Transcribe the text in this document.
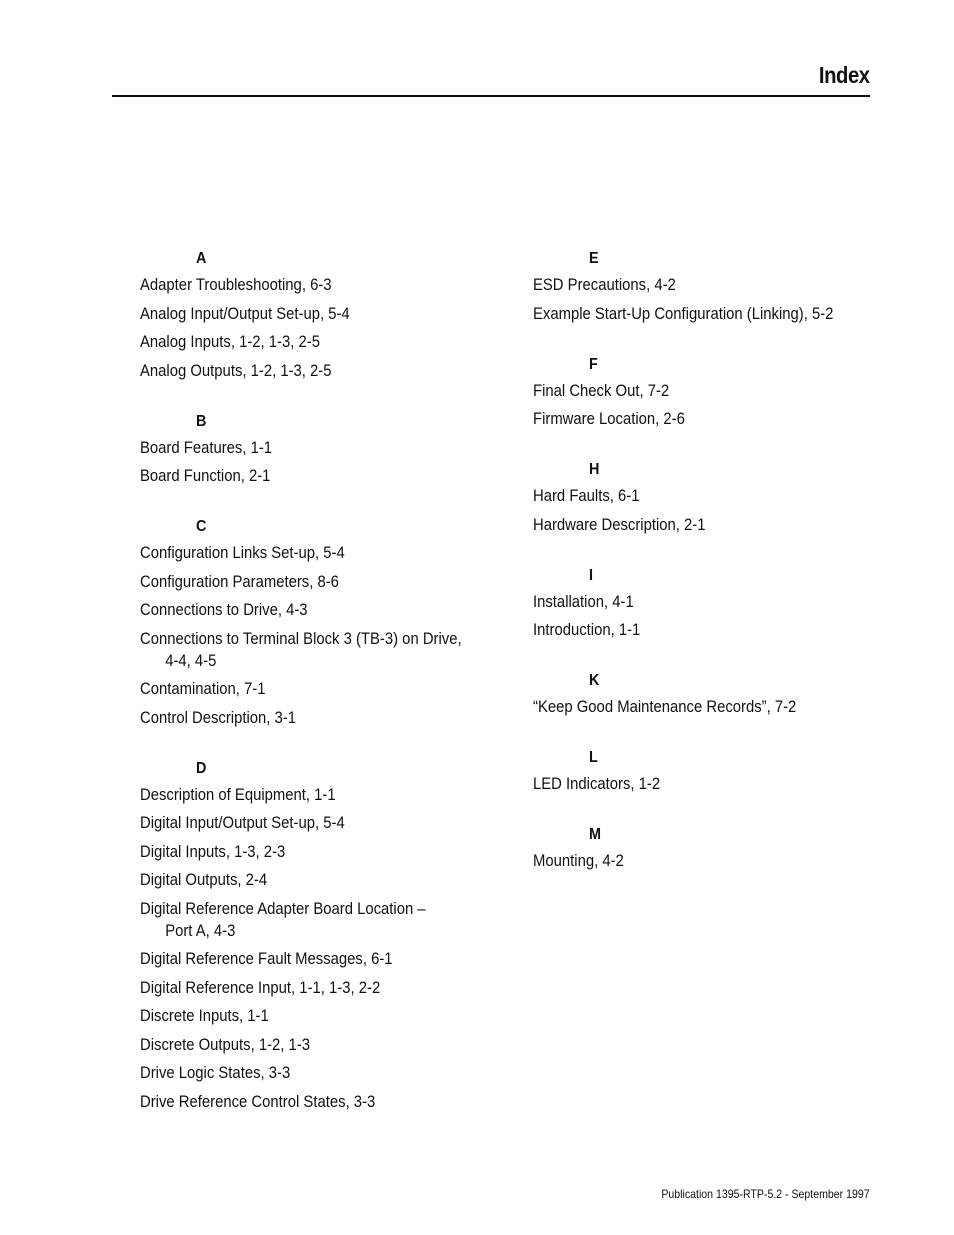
Index
A
Adapter Troubleshooting, 6-3
Analog Input/Output Set-up, 5-4
Analog Inputs, 1-2, 1-3, 2-5
Analog Outputs, 1-2, 1-3, 2-5
B
Board Features, 1-1
Board Function, 2-1
C
Configuration Links Set-up, 5-4
Configuration Parameters, 8-6
Connections to Drive, 4-3
Connections to Terminal Block 3 (TB-3) on Drive,
4-4, 4-5
Contamination, 7-1
Control Description, 3-1
D
Description of Equipment, 1-1
Digital Input/Output Set-up, 5-4
Digital Inputs, 1-3, 2-3
Digital Outputs, 2-4
Digital Reference Adapter Board Location –
Port A, 4-3
Digital Reference Fault Messages, 6-1
Digital Reference Input, 1-1, 1-3, 2-2
Discrete Inputs, 1-1
Discrete Outputs, 1-2, 1-3
Drive Logic States, 3-3
Drive Reference Control States, 3-3
E
ESD Precautions, 4-2
Example Start-Up Configuration (Linking), 5-2
F
Final Check Out, 7-2
Firmware Location, 2-6
H
Hard Faults, 6-1
Hardware Description, 2-1
I
Installation, 4-1
Introduction, 1-1
K
“Keep Good Maintenance Records”, 7-2
L
LED Indicators, 1-2
M
Mounting, 4-2
Publication 1395-RTP-5.2 - September 1997
